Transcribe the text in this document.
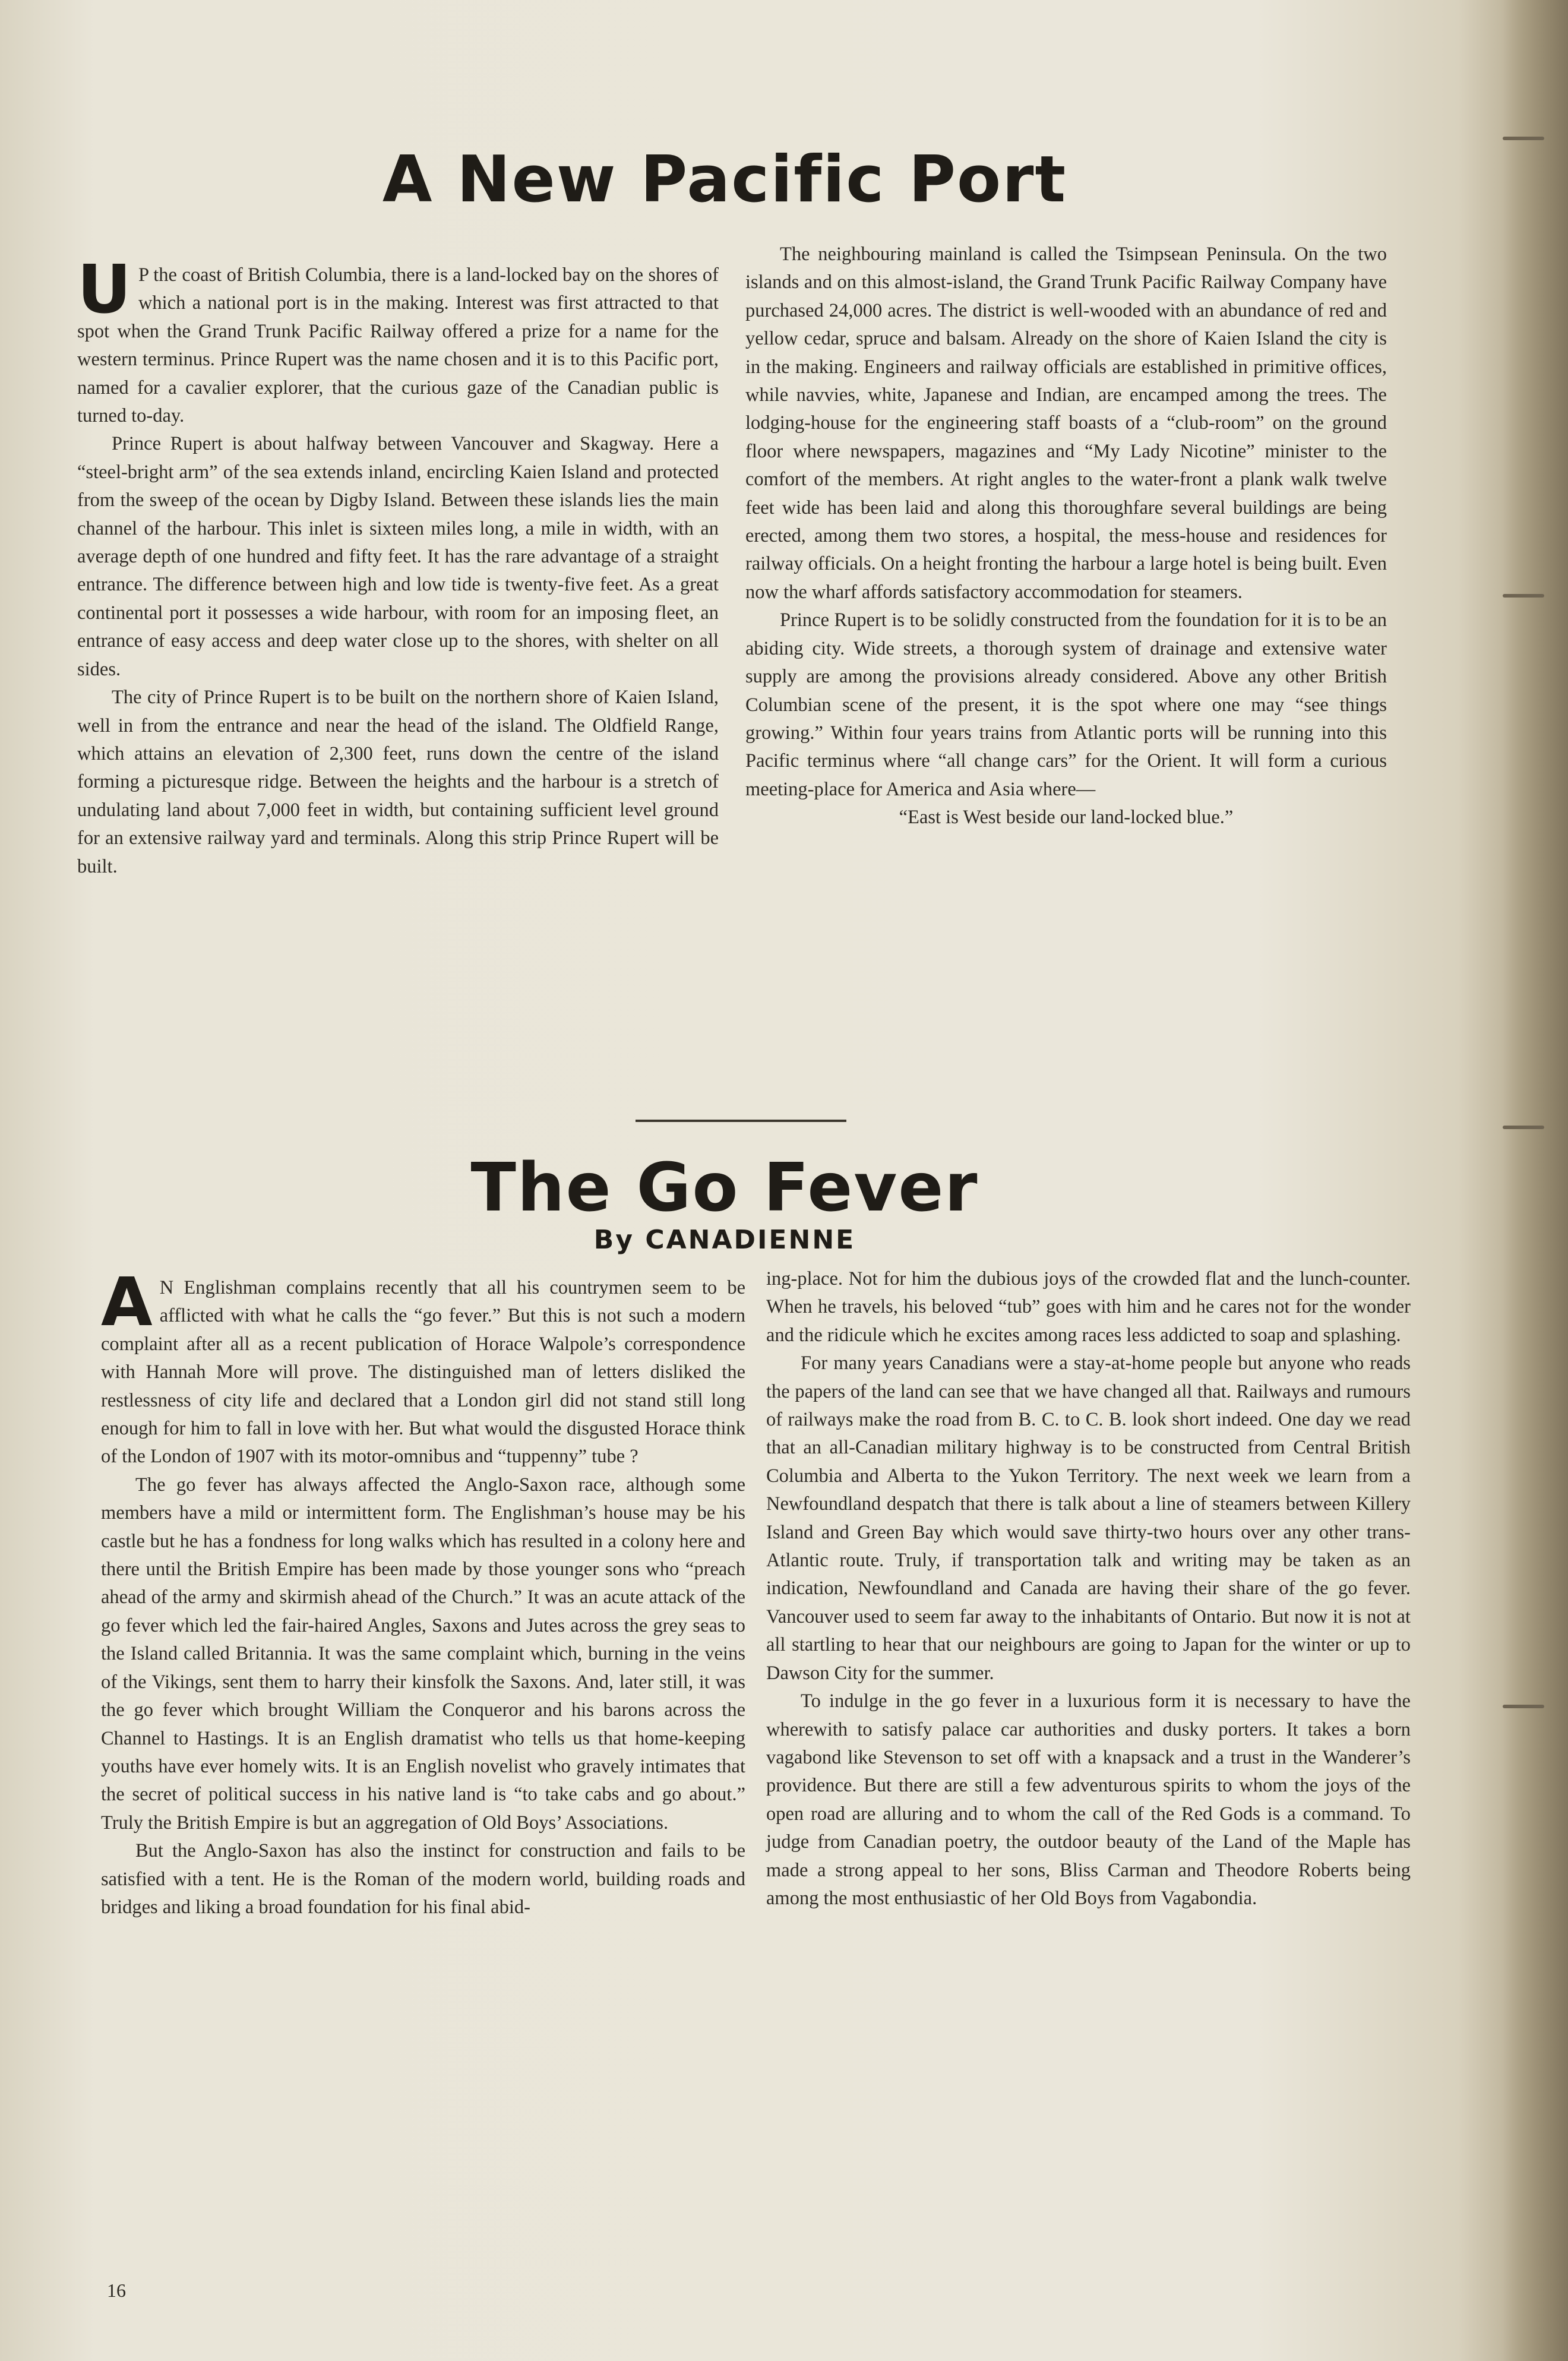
A New Pacific Port

U P the coast of British Columbia, there is a land-locked bay on the shores of which a national port is in the making. Interest was first attracted to that spot when the Grand Trunk Pacific Railway offered a prize for a name for the western terminus. Prince Rupert was the name chosen and it is to this Pacific port, named for a cavalier explorer, that the curious gaze of the Canadian public is turned to-day.

Prince Rupert is about halfway between Vancouver and Skagway. Here a “steel-bright arm” of the sea extends inland, encircling Kaien Island and protected from the sweep of the ocean by Digby Island. Between these islands lies the main channel of the harbour. This inlet is sixteen miles long, a mile in width, with an average depth of one hundred and fifty feet. It has the rare advantage of a straight entrance. The difference between high and low tide is twenty-five feet. As a great continental port it possesses a wide harbour, with room for an imposing fleet, an entrance of easy access and deep water close up to the shores, with shelter on all sides.

The city of Prince Rupert is to be built on the northern shore of Kaien Island, well in from the entrance and near the head of the island. The Oldfield Range, which attains an elevation of 2,300 feet, runs down the centre of the island forming a picturesque ridge. Between the heights and the harbour is a stretch of undulating land about 7,000 feet in width, but containing sufficient level ground for an extensive railway yard and terminals. Along this strip Prince Rupert will be built.

The neighbouring mainland is called the Tsimpsean Peninsula. On the two islands and on this almost-island, the Grand Trunk Pacific Railway Company have purchased 24,000 acres. The district is well-wooded with an abundance of red and yellow cedar, spruce and balsam. Already on the shore of Kaien Island the city is in the making. Engineers and railway officials are established in primitive offices, while navvies, white, Japanese and Indian, are encamped among the trees. The lodging-house for the engineering staff boasts of a “club-room” on the ground floor where newspapers, magazines and “My Lady Nicotine” minister to the comfort of the members. At right angles to the water-front a plank walk twelve feet wide has been laid and along this thoroughfare several buildings are being erected, among them two stores, a hospital, the mess-house and residences for railway officials. On a height fronting the harbour a large hotel is being built. Even now the wharf affords satisfactory accommodation for steamers.

Prince Rupert is to be solidly constructed from the foundation for it is to be an abiding city. Wide streets, a thorough system of drainage and extensive water supply are among the provisions already considered. Above any other British Columbian scene of the present, it is the spot where one may “see things growing.” Within four years trains from Atlantic ports will be running into this Pacific terminus where “all change cars” for the Orient. It will form a curious meeting-place for America and Asia where—

“East is West beside our land-locked blue.”

The Go Fever
By CANADIENNE

A N Englishman complains recently that all his countrymen seem to be afflicted with what he calls the “go fever.” But this is not such a modern complaint after all as a recent publication of Horace Walpole’s correspondence with Hannah More will prove. The distinguished man of letters disliked the restlessness of city life and declared that a London girl did not stand still long enough for him to fall in love with her. But what would the disgusted Horace think of the London of 1907 with its motor-omnibus and “tuppenny” tube ?

The go fever has always affected the Anglo-Saxon race, although some members have a mild or intermittent form. The Englishman’s house may be his castle but he has a fondness for long walks which has resulted in a colony here and there until the British Empire has been made by those younger sons who “preach ahead of the army and skirmish ahead of the Church.” It was an acute attack of the go fever which led the fair-haired Angles, Saxons and Jutes across the grey seas to the Island called Britannia. It was the same complaint which, burning in the veins of the Vikings, sent them to harry their kinsfolk the Saxons. And, later still, it was the go fever which brought William the Conqueror and his barons across the Channel to Hastings. It is an English dramatist who tells us that home-keeping youths have ever homely wits. It is an English novelist who gravely intimates that the secret of political success in his native land is “to take cabs and go about.” Truly the British Empire is but an aggregation of Old Boys’ Associations.

But the Anglo-Saxon has also the instinct for construction and fails to be satisfied with a tent. He is the Roman of the modern world, building roads and bridges and liking a broad foundation for his final abid-

ing-place. Not for him the dubious joys of the crowded flat and the lunch-counter. When he travels, his beloved “tub” goes with him and he cares not for the wonder and the ridicule which he excites among races less addicted to soap and splashing.

For many years Canadians were a stay-at-home people but anyone who reads the papers of the land can see that we have changed all that. Railways and rumours of railways make the road from B. C. to C. B. look short indeed. One day we read that an all-Canadian military highway is to be constructed from Central British Columbia and Alberta to the Yukon Territory. The next week we learn from a Newfoundland despatch that there is talk about a line of steamers between Killery Island and Green Bay which would save thirty-two hours over any other trans-Atlantic route. Truly, if transportation talk and writing may be taken as an indication, Newfoundland and Canada are having their share of the go fever. Vancouver used to seem far away to the inhabitants of Ontario. But now it is not at all startling to hear that our neighbours are going to Japan for the winter or up to Dawson City for the summer.

To indulge in the go fever in a luxurious form it is necessary to have the wherewith to satisfy palace car authorities and dusky porters. It takes a born vagabond like Stevenson to set off with a knapsack and a trust in the Wanderer’s providence. But there are still a few adventurous spirits to whom the joys of the open road are alluring and to whom the call of the Red Gods is a command. To judge from Canadian poetry, the outdoor beauty of the Land of the Maple has made a strong appeal to her sons, Bliss Carman and Theodore Roberts being among the most enthusiastic of her Old Boys from Vagabondia.

16
